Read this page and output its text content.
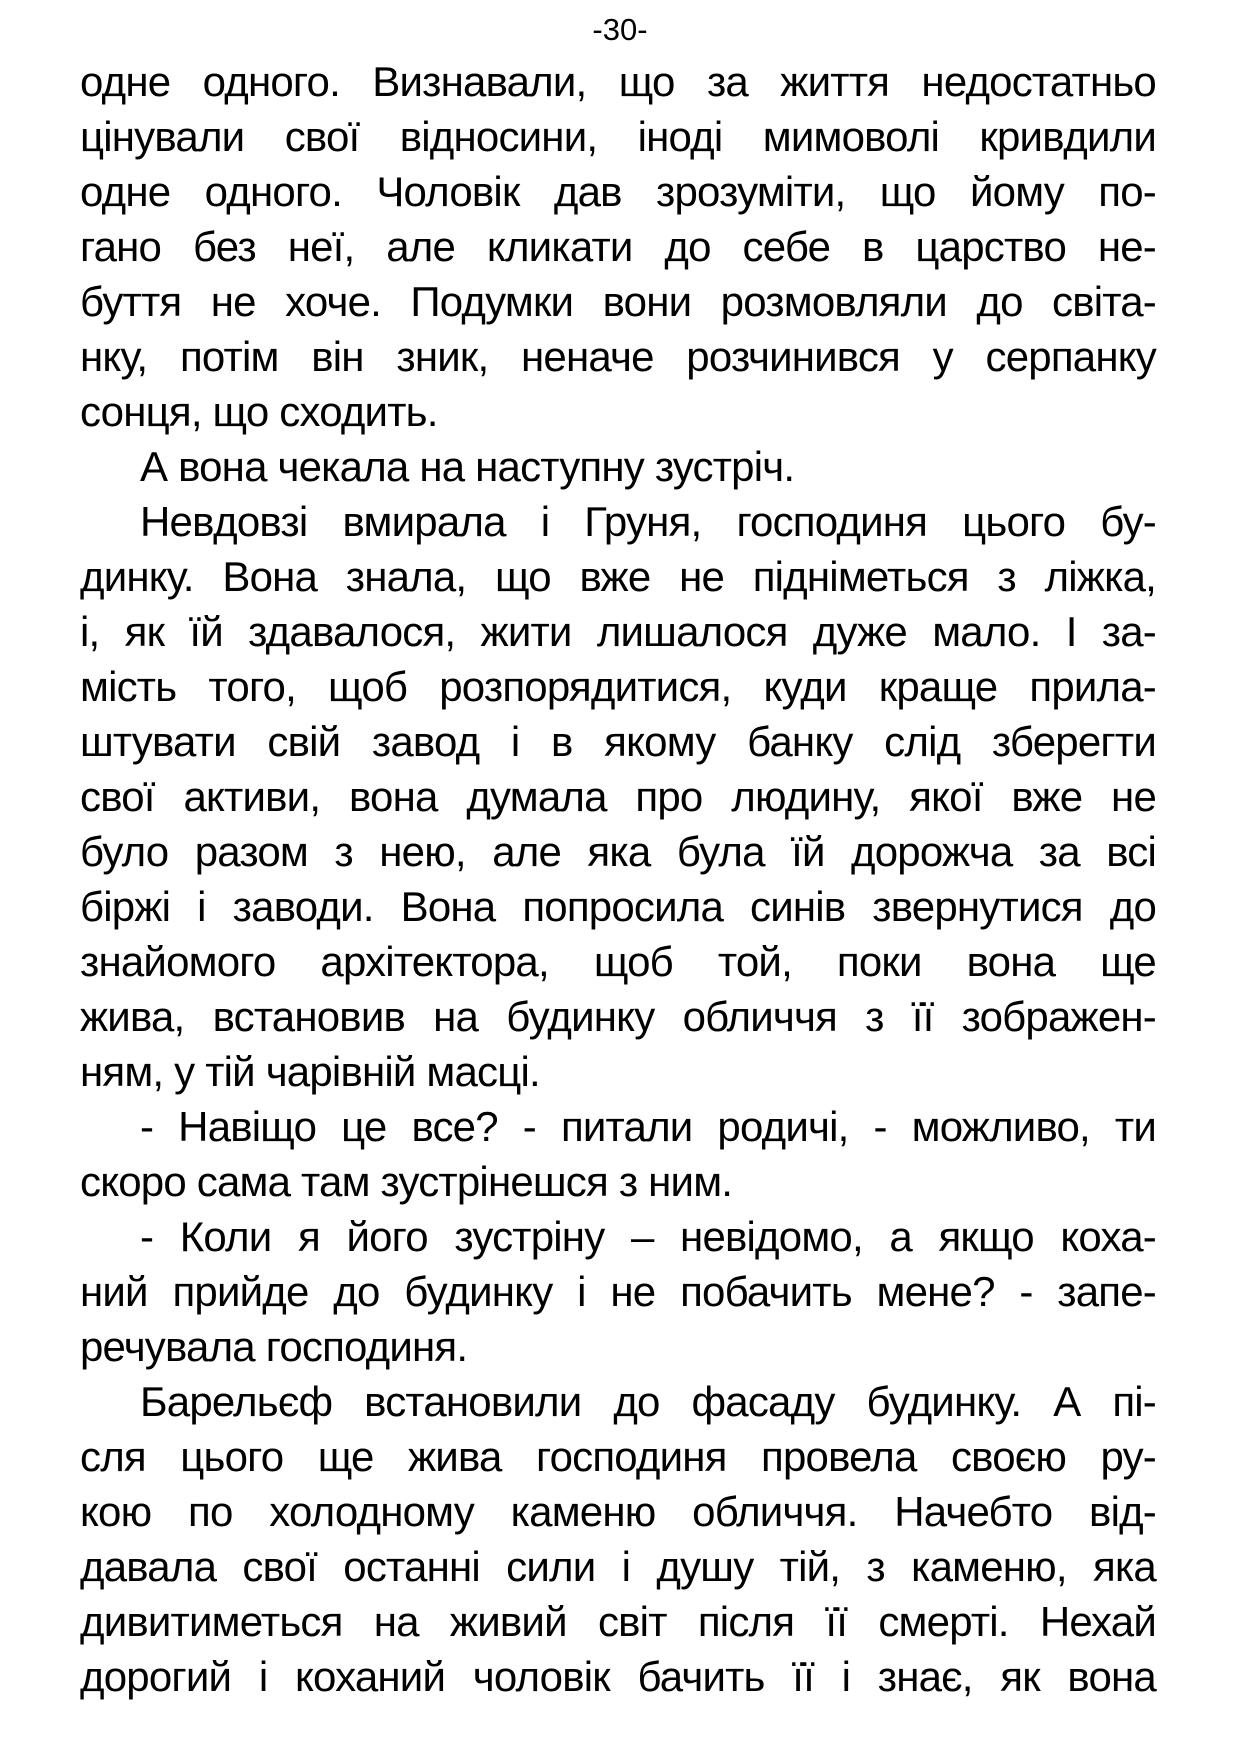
-30-
одне одного. Визнавали, що за життя недостатньо
цінували свої відносини, іноді мимоволі кривдили
одне одного. Чоловік дав зрозуміти, що йому по-
гано без неї, але кликати до себе в царство не-
буття не хоче. Подумки вони розмовляли до світа-
нку, потім він зник, неначе розчинився у серпанку
сонця, що сходить.
А вона чекала на наступну зустріч.
Невдовзі вмирала і Груня, господиня цього бу-
динку. Вона знала, що вже не підніметься з ліжка,
і, як їй здавалося, жити лишалося дуже мало. І за-
мість того, щоб розпорядитися, куди краще прила-
штувати свій завод і в якому банку слід зберегти
свої активи, вона думала про людину, якої вже не
було разом з нею, але яка була їй дорожча за всі
біржі і заводи. Вона попросила синів звернутися до
знайомого архітектора, щоб той, поки вона ще
жива, встановив на будинку обличчя з її зображен-
ням, у тій чарівній масці.
- Навіщо це все? - питали родичі, - можливо, ти
скоро сама там зустрінешся з ним.
- Коли я його зустріну – невідомо, а якщо коха-
ний прийде до будинку і не побачить мене? - запе-
речувала господиня.
Барельєф встановили до фасаду будинку. А пі-
сля цього ще жива господиня провела своєю ру-
кою по холодному каменю обличчя. Начебто від-
давала свої останні сили і душу тій, з каменю, яка
дивитиметься на живий світ після її смерті. Нехай
дорогий і коханий чоловік бачить її і знає, як вона
